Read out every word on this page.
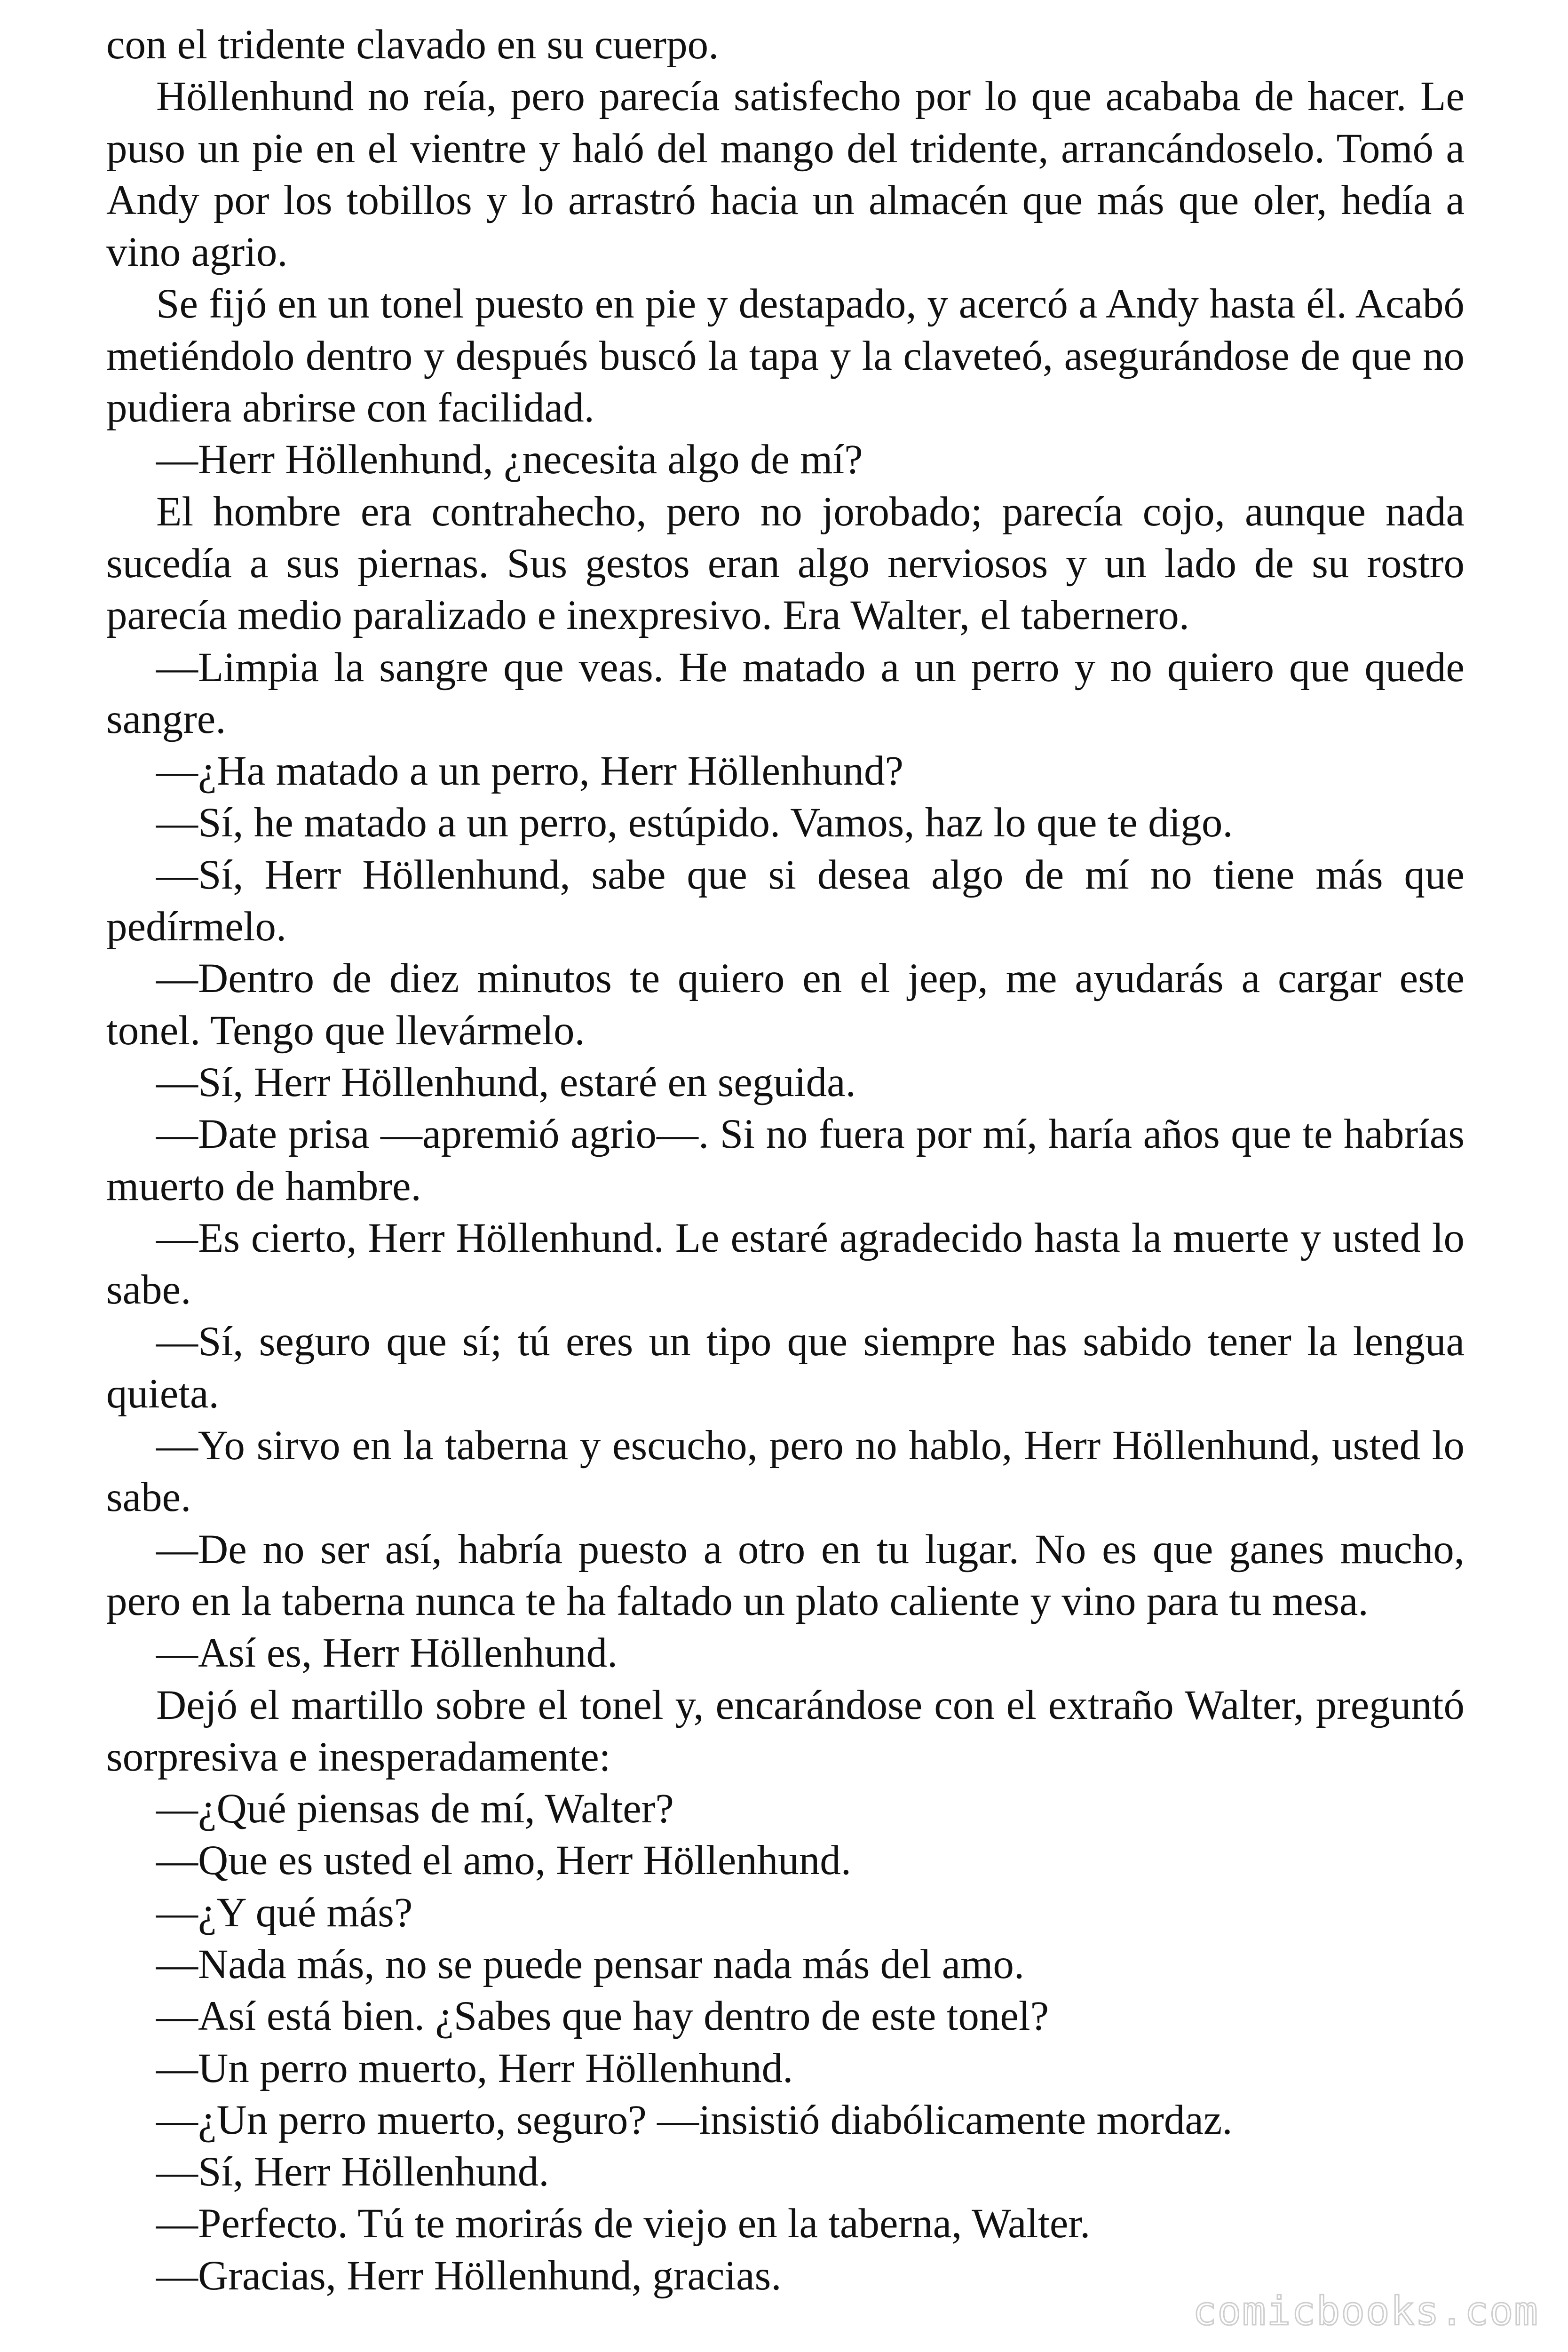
con el tridente clavado en su cuerpo.

Höllenhund no reía, pero parecía satisfecho por lo que acababa de hacer. Le puso un pie en el vientre y haló del mango del tridente, arrancándoselo. Tomó a Andy por los tobillos y lo arrastró hacia un almacén que más que oler, hedía a vino agrio.

Se fijó en un tonel puesto en pie y destapado, y acercó a Andy hasta él. Acabó metiéndolo dentro y después buscó la tapa y la claveteó, asegurándose de que no pudiera abrirse con facilidad.

—Herr Höllenhund, ¿necesita algo de mí?

El hombre era contrahecho, pero no jorobado; parecía cojo, aunque nada sucedía a sus piernas. Sus gestos eran algo nerviosos y un lado de su rostro parecía medio paralizado e inexpresivo. Era Walter, el tabernero.

—Limpia la sangre que veas. He matado a un perro y no quiero que quede sangre.

—¿Ha matado a un perro, Herr Höllenhund?

—Sí, he matado a un perro, estúpido. Vamos, haz lo que te digo.

—Sí, Herr Höllenhund, sabe que si desea algo de mí no tiene más que pedírmelo.

—Dentro de diez minutos te quiero en el jeep, me ayudarás a cargar este tonel. Tengo que llevármelo.

—Sí, Herr Höllenhund, estaré en seguida.

—Date prisa —apremió agrio—. Si no fuera por mí, haría años que te habrías muerto de hambre.

—Es cierto, Herr Höllenhund. Le estaré agradecido hasta la muerte y usted lo sabe.

—Sí, seguro que sí; tú eres un tipo que siempre has sabido tener la lengua quieta.

—Yo sirvo en la taberna y escucho, pero no hablo, Herr Höllenhund, usted lo sabe.

—De no ser así, habría puesto a otro en tu lugar. No es que ganes mucho, pero en la taberna nunca te ha faltado un plato caliente y vino para tu mesa.

—Así es, Herr Höllenhund.

Dejó el martillo sobre el tonel y, encarándose con el extraño Walter, preguntó sorpresiva e inesperadamente:

—¿Qué piensas de mí, Walter?

—Que es usted el amo, Herr Höllenhund.

—¿Y qué más?

—Nada más, no se puede pensar nada más del amo.

—Así está bien. ¿Sabes que hay dentro de este tonel?

—Un perro muerto, Herr Höllenhund.

—¿Un perro muerto, seguro? —insistió diabólicamente mordaz.

—Sí, Herr Höllenhund.

—Perfecto. Tú te morirás de viejo en la taberna, Walter.

—Gracias, Herr Höllenhund, gracias.

comicbooks.com
